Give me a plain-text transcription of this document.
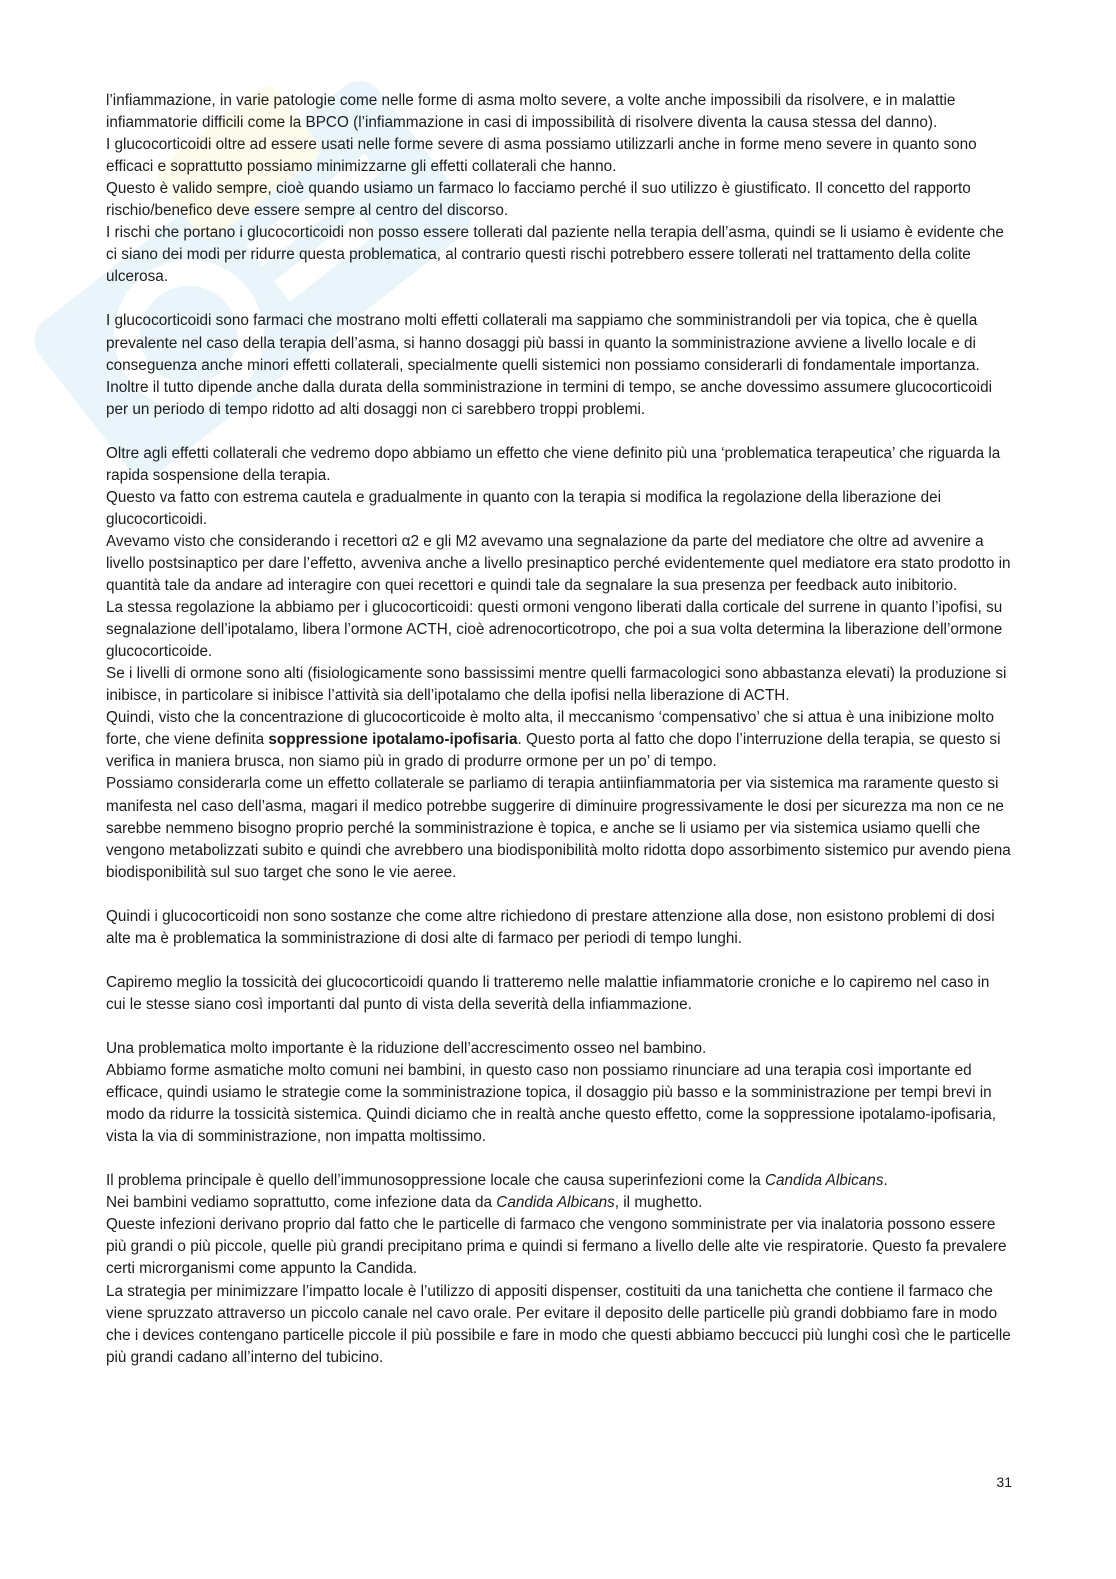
l’infiammazione, in varie patologie come nelle forme di asma molto severe, a volte anche impossibili da risolvere, e in malattie infiammatorie difficili come la BPCO (l’infiammazione in casi di impossibilità di risolvere diventa la causa stessa del danno).
I glucocorticoidi oltre ad essere usati nelle forme severe di asma possiamo utilizzarli anche in forme meno severe in quanto sono efficaci e soprattutto possiamo minimizzarne gli effetti collaterali che hanno.
Questo è valido sempre, cioè quando usiamo un farmaco lo facciamo perché il suo utilizzo è giustificato. Il concetto del rapporto rischio/benefico deve essere sempre al centro del discorso.
I rischi che portano i glucocorticoidi non posso essere tollerati dal paziente nella terapia dell’asma, quindi se li usiamo è evidente che ci siano dei modi per ridurre questa problematica, al contrario questi rischi potrebbero essere tollerati nel trattamento della colite ulcerosa.
I glucocorticoidi sono farmaci che mostrano molti effetti collaterali ma sappiamo che somministrandoli per via topica, che è quella prevalente nel caso della terapia dell’asma, si hanno dosaggi più bassi in quanto la somministrazione avviene a livello locale e di conseguenza anche minori effetti collaterali, specialmente quelli sistemici non possiamo considerarli di fondamentale importanza.
Inoltre il tutto dipende anche dalla durata della somministrazione in termini di tempo, se anche dovessimo assumere glucocorticoidi per un periodo di tempo ridotto ad alti dosaggi non ci sarebbero troppi problemi.
Oltre agli effetti collaterali che vedremo dopo abbiamo un effetto che viene definito più una ‘problematica terapeutica’ che riguarda la rapida sospensione della terapia.
Questo va fatto con estrema cautela e gradualmente in quanto con la terapia si modifica la regolazione della liberazione dei glucocorticoidi.
Avevamo visto che considerando i recettori α2 e gli M2 avevamo una segnalazione da parte del mediatore che oltre ad avvenire a livello postsinaptico per dare l’effetto, avveniva anche a livello presinaptico perché evidentemente quel mediatore era stato prodotto in quantità tale da andare ad interagire con quei recettori e quindi tale da segnalare la sua presenza per feedback auto inibitorio.
La stessa regolazione la abbiamo per i glucocorticoidi: questi ormoni vengono liberati dalla corticale del surrene in quanto l’ipofisi, su segnalazione dell’ipotalamo, libera l’ormone ACTH, cioè adrenocorticotropo, che poi a sua volta determina la liberazione dell’ormone glucocorticoide.
Se i livelli di ormone sono alti (fisiologicamente sono bassissimi mentre quelli farmacologici sono abbastanza elevati) la produzione si inibisce, in particolare si inibisce l’attività sia dell’ipotalamo che della ipofisi nella liberazione di ACTH.
Quindi, visto che la concentrazione di glucocorticoide è molto alta, il meccanismo ‘compensativo’ che si attua è una inibizione molto forte, che viene definita soppressione ipotalamo-ipofisaria. Questo porta al fatto che dopo l’interruzione della terapia, se questo si verifica in maniera brusca, non siamo più in grado di produrre ormone per un po’ di tempo.
Possiamo considerarla come un effetto collaterale se parliamo di terapia antiinfiammatoria per via sistemica ma raramente questo si manifesta nel caso dell’asma, magari il medico potrebbe suggerire di diminuire progressivamente le dosi per sicurezza ma non ce ne sarebbe nemmeno bisogno proprio perché la somministrazione è topica, e anche se li usiamo per via sistemica usiamo quelli che vengono metabolizzati subito e quindi che avrebbero una biodisponibilità molto ridotta dopo assorbimento sistemico pur avendo piena biodisponibilità sul suo target che sono le vie aeree.
Quindi i glucocorticoidi non sono sostanze che come altre richiedono di prestare attenzione alla dose, non esistono problemi di dosi alte ma è problematica la somministrazione di dosi alte di farmaco per periodi di tempo lunghi.
Capiremo meglio la tossicità dei glucocorticoidi quando li tratteremo nelle malattie infiammatorie croniche e lo capiremo nel caso in cui le stesse siano così importanti dal punto di vista della severità della infiammazione.
Una problematica molto importante è la riduzione dell’accrescimento osseo nel bambino.
Abbiamo forme asmatiche molto comuni nei bambini, in questo caso non possiamo rinunciare ad una terapia così importante ed efficace, quindi usiamo le strategie come la somministrazione topica, il dosaggio più basso e la somministrazione per tempi brevi in modo da ridurre la tossicità sistemica. Quindi diciamo che in realtà anche questo effetto, come la soppressione ipotalamo-ipofisaria, vista la via di somministrazione, non impatta moltissimo.
Il problema principale è quello dell’immunosoppressione locale che causa superinfezioni come la Candida Albicans.
Nei bambini vediamo soprattutto, come infezione data da Candida Albicans, il mughetto.
Queste infezioni derivano proprio dal fatto che le particelle di farmaco che vengono somministrate per via inalatoria possono essere più grandi o più piccole, quelle più grandi precipitano prima e quindi si fermano a livello delle alte vie respiratorie. Questo fa prevalere certi microrganismi come appunto la Candida.
La strategia per minimizzare l’impatto locale è l’utilizzo di appositi dispenser, costituiti da una tanichetta che contiene il farmaco che viene spruzzato attraverso un piccolo canale nel cavo orale. Per evitare il deposito delle particelle più grandi dobbiamo fare in modo che i devices contengano particelle piccole il più possibile e fare in modo che questi abbiamo beccucci più lunghi così che le particelle più grandi cadano all’interno del tubicino.
31
